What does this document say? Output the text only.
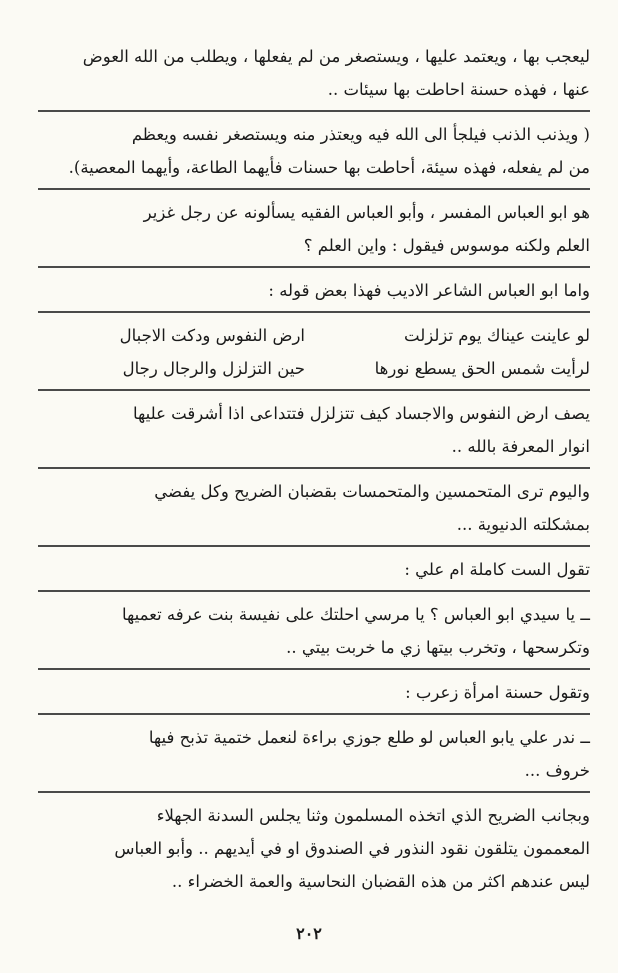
ليعجب بها ، ويعتمد عليها ، ويستصغر من لم يفعلها ، ويطلب من الله العوض
عنها ، فهذه حسنة احاطت بها سيئات ..

( ويذنب الذنب فيلجأ الى الله فيه ويعتذر منه ويستصغر نفسه ويعظم
من لم يفعله، فهذه سيئة، أحاطت بها حسنات فأيهما الطاعة، وأيهما المعصية).

هو ابو العباس المفسر ، وأبو العباس الفقيه يسألونه عن رجل غزير
العلم ولكنه موسوس فيقول : واين العلم ؟

واما ابو العباس الشاعر الاديب فهذا بعض قوله :

لو عاينت عيناك يوم تزلزلت
ارض النفوس ودكت الاجبال
لرأيت شمس الحق يسطع نورها
حين التزلزل والرجال رجال

يصف ارض النفوس والاجساد كيف تتزلزل فتتداعى اذا أشرقت عليها
انوار المعرفة بالله ..

واليوم ترى المتحمسين والمتحمسات بقضبان الضريح وكل يفضي
بمشكلته الدنيوية ...

تقول الست كاملة ام علي :

ــ يا سيدي ابو العباس ؟ يا مرسي احلتك على نفيسة بنت عرفه تعميها
وتكرسحها ، وتخرب بيتها زي ما خربت بيتي ..

وتقول حسنة امرأة زعرب :

ــ ندر علي يابو العباس لو طلع جوزي براءة لنعمل ختمية تذبح فيها
خروف ...

وبجانب الضريح الذي اتخذه المسلمون وثنا يجلس السدنة الجهلاء
المعممون يتلقون نقود النذور في الصندوق او في أيديهم .. وأبو العباس
ليس عندهم اكثر من هذه القضبان النحاسية والعمة الخضراء ..

٢٠٢
